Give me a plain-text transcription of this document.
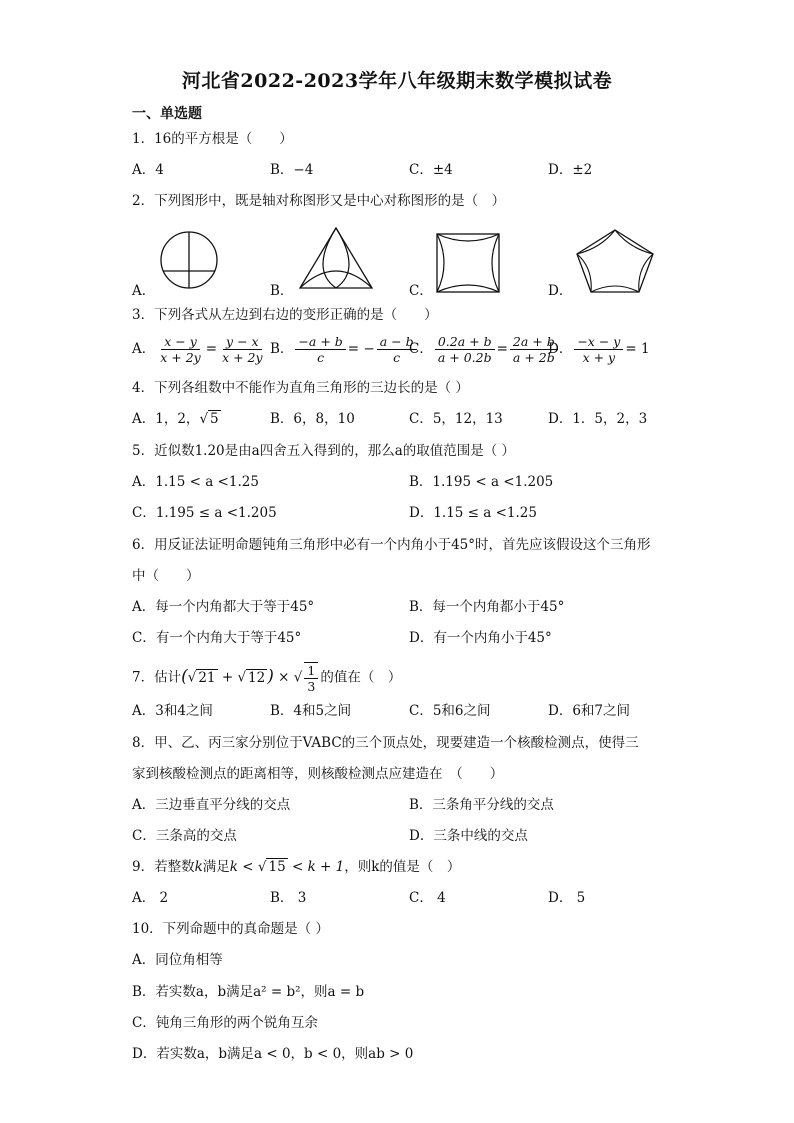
河北省2022-2023学年八年级期末数学模拟试卷
一、单选题
1．16的平方根是（　　）
A．4	B．−4	C．±4	D．±2
2．下列图形中，既是轴对称图形又是中心对称图形的是（　）
A．	B．	C．	D．
3．下列各式从左边到右边的变形正确的是（　　）
A． $\frac{x - y}{x + 2y} = \frac{y - x}{x + 2y}$ B． $\frac{-a + b}{c}$ = − $\frac{a - b}{c}$
C． $\frac{0.2a + b}{a + 0.2b} = \frac{2a + b}{a + 2b}$
D． $\frac{-x - y}{x + y} = 1$
4．下列各组数中不能作为直角三角形的三边长的是（ ）
A．1，2，√ 5	B．6，8，10	C．5，12，13	D．1．5，2，3
5．近似数1.20是由a四舍五入得到的，那么a的取值范围是（ ）
A．1.15 < a <1.25	B．1.195 < a <1.205
C．1.195 ≤ a <1.205	D．1.15 ≤ a <1.25
6．用反证法证明命题钝角三角形中必有一个内角小于45°时，首先应该假设这个三角形
中（　　）
A．每一个内角都大于等于45°	B．每一个内角都小于45°
C．有一个内角大于等于45°	D．有一个内角小于45°
7．估计(√ 21 + √ 12 ) × √ $\frac{1}{3}$ 的值在（　）
A．3和4之间	B．4和5之间	C．5和6之间	D．6和7之间
8．甲、乙、丙三家分别位于VABC的三个顶点处，现要建造一个核酸检测点，使得三
家到核酸检测点的距离相等，则核酸检测点应建造在　（　　）
A．三边垂直平分线的交点	B．三条角平分线的交点
C．三条高的交点	D．三条中线的交点
9．若整数k满足k < √ 15 < k + 1，则k的值是（　）
A． 2	B． 3	C． 4	D． 5
10．下列命题中的真命题是（ ）
A．同位角相等
B．若实数a，b满足a² = b²，则a = b
C．钝角三角形的两个锐角互余
D．若实数a，b满足a < 0，b < 0，则ab > 0
